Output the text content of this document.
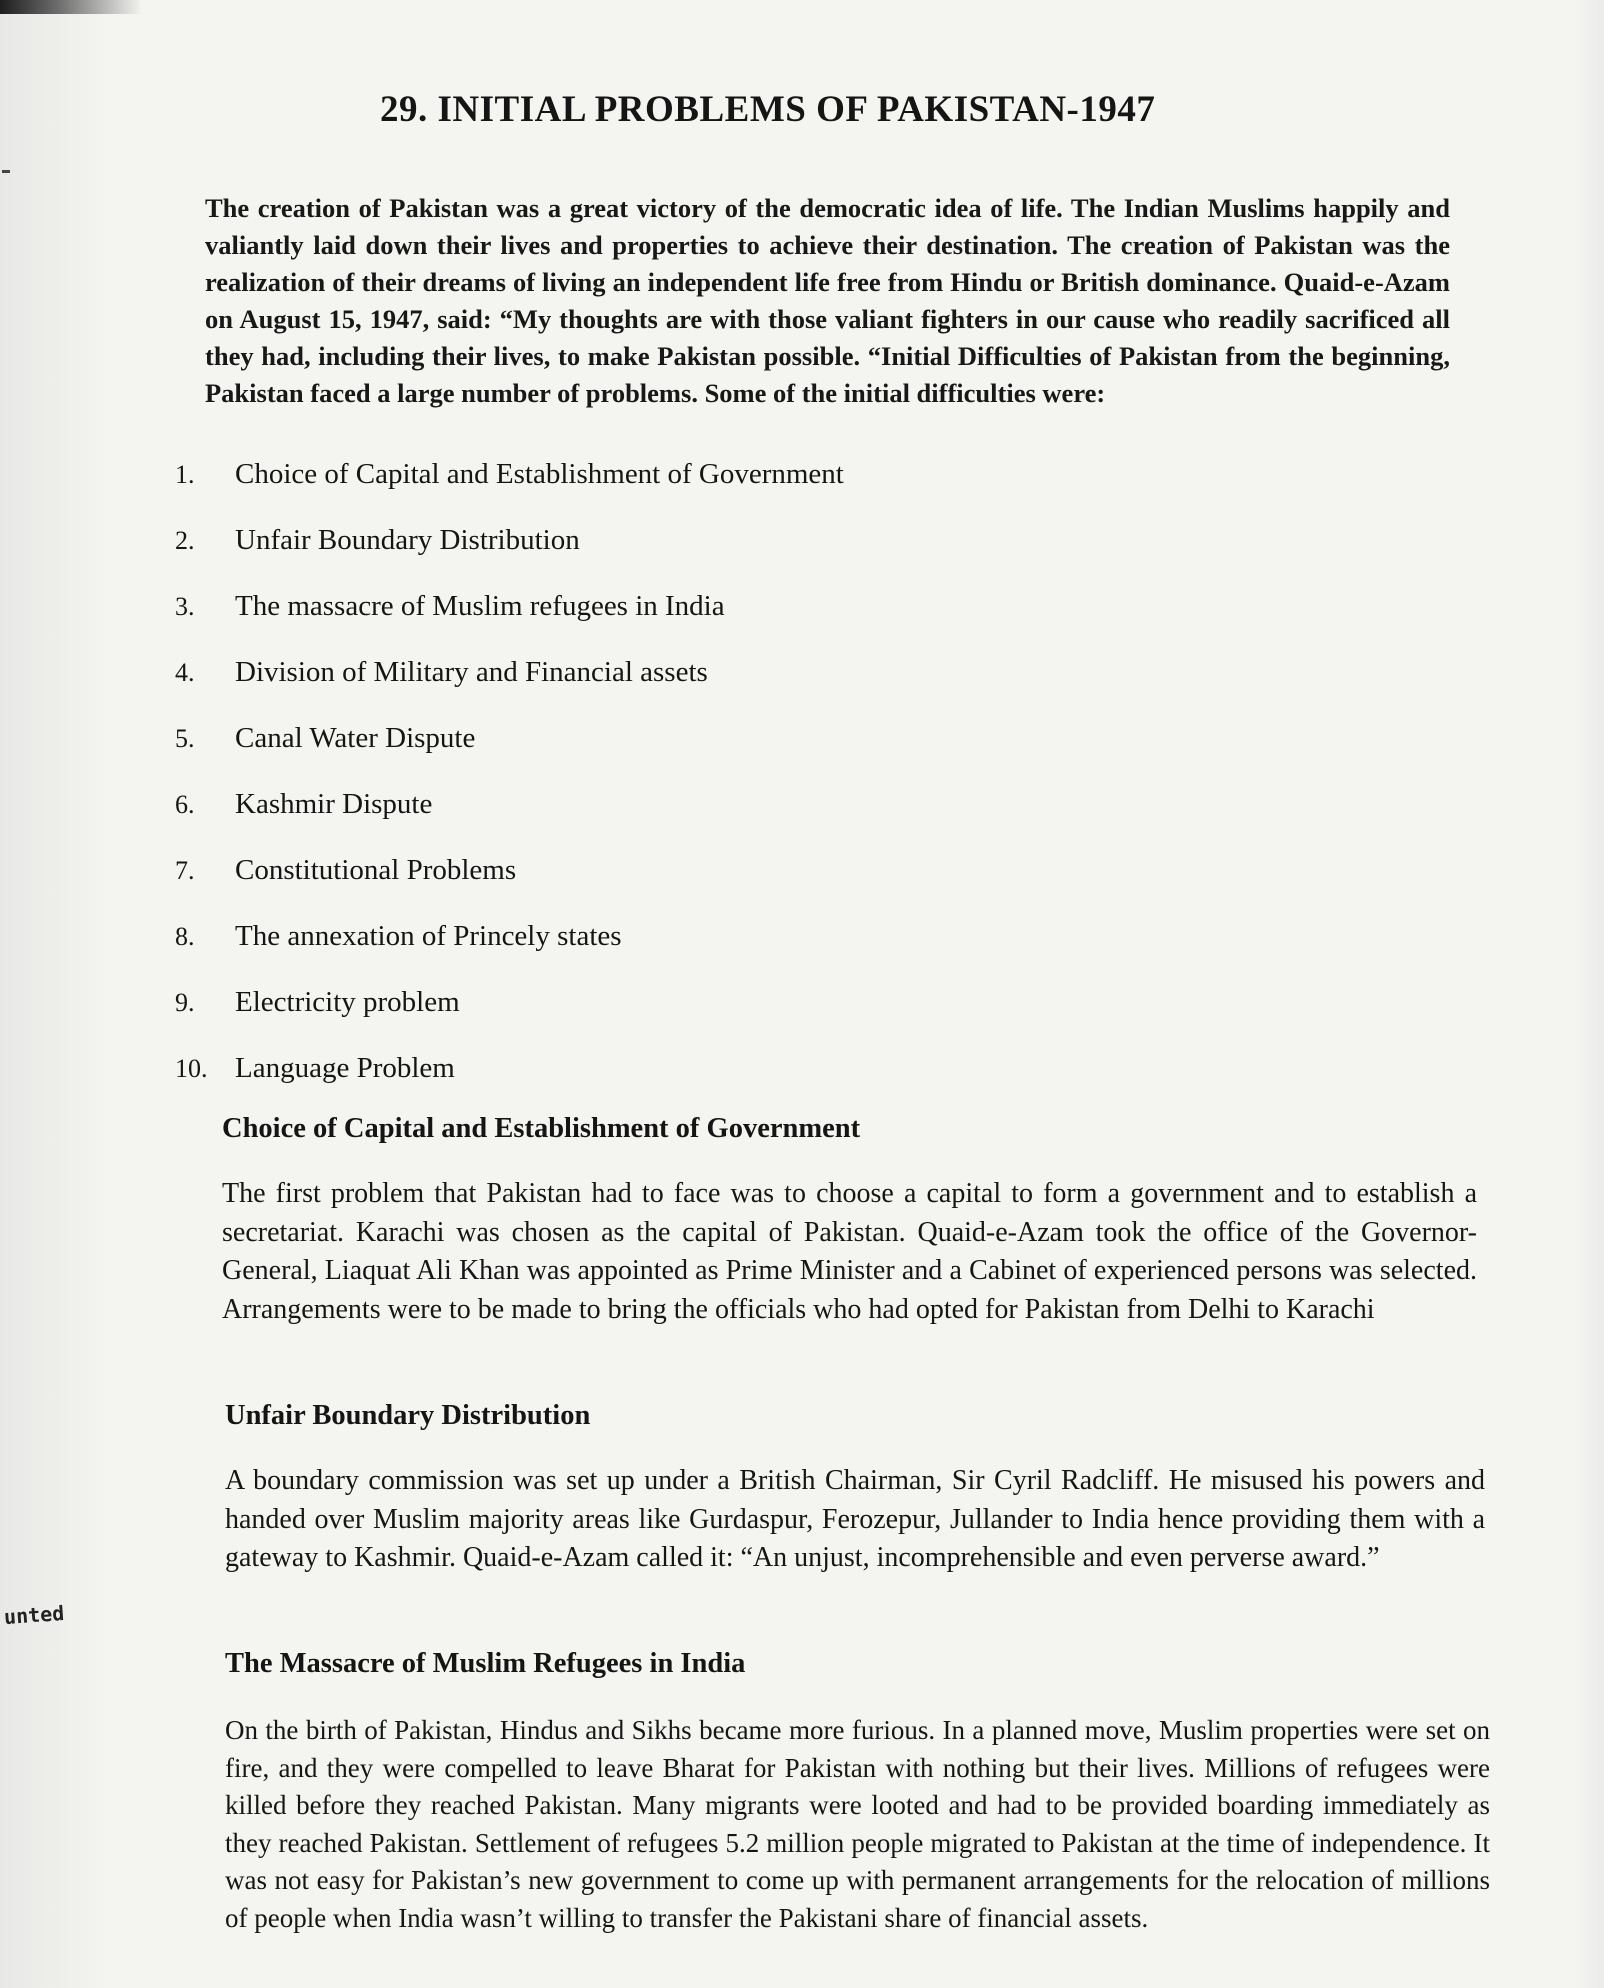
unted
29. INITIAL PROBLEMS OF PAKISTAN-1947

The creation of Pakistan was a great victory of the democratic idea of life. The Indian Muslims happily and valiantly laid down their lives and properties to achieve their destination. The creation of Pakistan was the realization of their dreams of living an independent life free from Hindu or British dominance. Quaid-e-Azam on August 15, 1947, said: “My thoughts are with those valiant fighters in our cause who readily sacrificed all they had, including their lives, to make Pakistan possible. “Initial Difficulties of Pakistan from the beginning, Pakistan faced a large number of problems. Some of the initial difficulties were:

1. Choice of Capital and Establishment of Government
2. Unfair Boundary Distribution
3. The massacre of Muslim refugees in India
4. Division of Military and Financial assets
5. Canal Water Dispute
6. Kashmir Dispute
7. Constitutional Problems
8. The annexation of Princely states
9. Electricity problem
10. Language Problem
Choice of Capital and Establishment of Government

The first problem that Pakistan had to face was to choose a capital to form a government and to establish a secretariat. Karachi was chosen as the capital of Pakistan. Quaid-e-Azam took the office of the Governor-General, Liaquat Ali Khan was appointed as Prime Minister and a Cabinet of experienced persons was selected. Arrangements were to be made to bring the officials who had opted for Pakistan from Delhi to Karachi

Unfair Boundary Distribution

A boundary commission was set up under a British Chairman, Sir Cyril Radcliff. He misused his powers and handed over Muslim majority areas like Gurdaspur, Ferozepur, Jullander to India hence providing them with a gateway to Kashmir. Quaid-e-Azam called it: “An unjust, incomprehensible and even perverse award.”

The Massacre of Muslim Refugees in India

On the birth of Pakistan, Hindus and Sikhs became more furious. In a planned move, Muslim properties were set on fire, and they were compelled to leave Bharat for Pakistan with nothing but their lives. Millions of refugees were killed before they reached Pakistan. Many migrants were looted and had to be provided boarding immediately as they reached Pakistan. Settlement of refugees 5.2 million people migrated to Pakistan at the time of independence. It was not easy for Pakistan’s new government to come up with permanent arrangements for the relocation of millions of people when India wasn’t willing to transfer the Pakistani share of financial assets.
